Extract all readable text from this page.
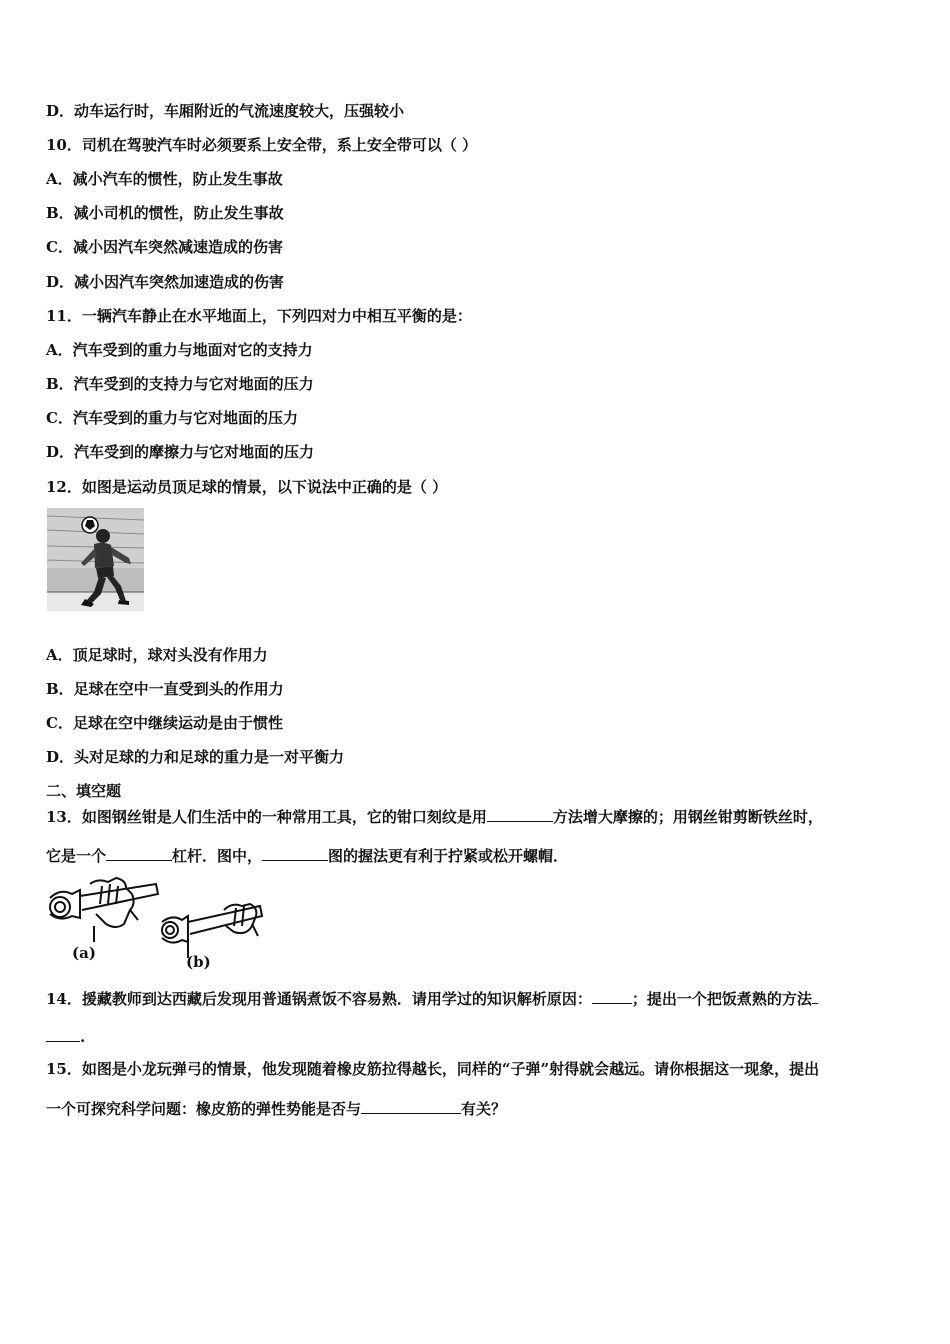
D．动车运行时，车厢附近的气流速度较大，压强较小
10．司机在驾驶汽车时必须要系上安全带，系上安全带可以（ ）
A．减小汽车的惯性，防止发生事故
B．减小司机的惯性，防止发生事故
C．减小因汽车突然减速造成的伤害
D．减小因汽车突然加速造成的伤害
11．一辆汽车静止在水平地面上，下列四对力中相互平衡的是：
A．汽车受到的重力与地面对它的支持力
B．汽车受到的支持力与它对地面的压力
C．汽车受到的重力与它对地面的压力
D．汽车受到的摩擦力与它对地面的压力
12．如图是运动员顶足球的情景，以下说法中正确的是（ ）
A．顶足球时，球对头没有作用力
B．足球在空中一直受到头的作用力
C．足球在空中继续运动是由于惯性
D．头对足球的力和足球的重力是一对平衡力
二、填空题
13．如图钢丝钳是人们生活中的一种常用工具，它的钳口刻纹是用	方法增大摩擦的；用钢丝钳剪断铁丝时，
它是一个	杠杆．图中，	图的握法更有利于拧紧或松开螺帽．
(a)	(b)
14．援藏教师到达西藏后发现用普通锅煮饭不容易熟．请用学过的知识解析原因：	；提出一个把饭煮熟的方法
.
15．如图是小龙玩弹弓的情景，他发现随着橡皮筋拉得越长，同样的“子弹”射得就会越远。请你根据这一现象，提出
一个可探究科学问题：橡皮筋的弹性势能是否与	有关？
